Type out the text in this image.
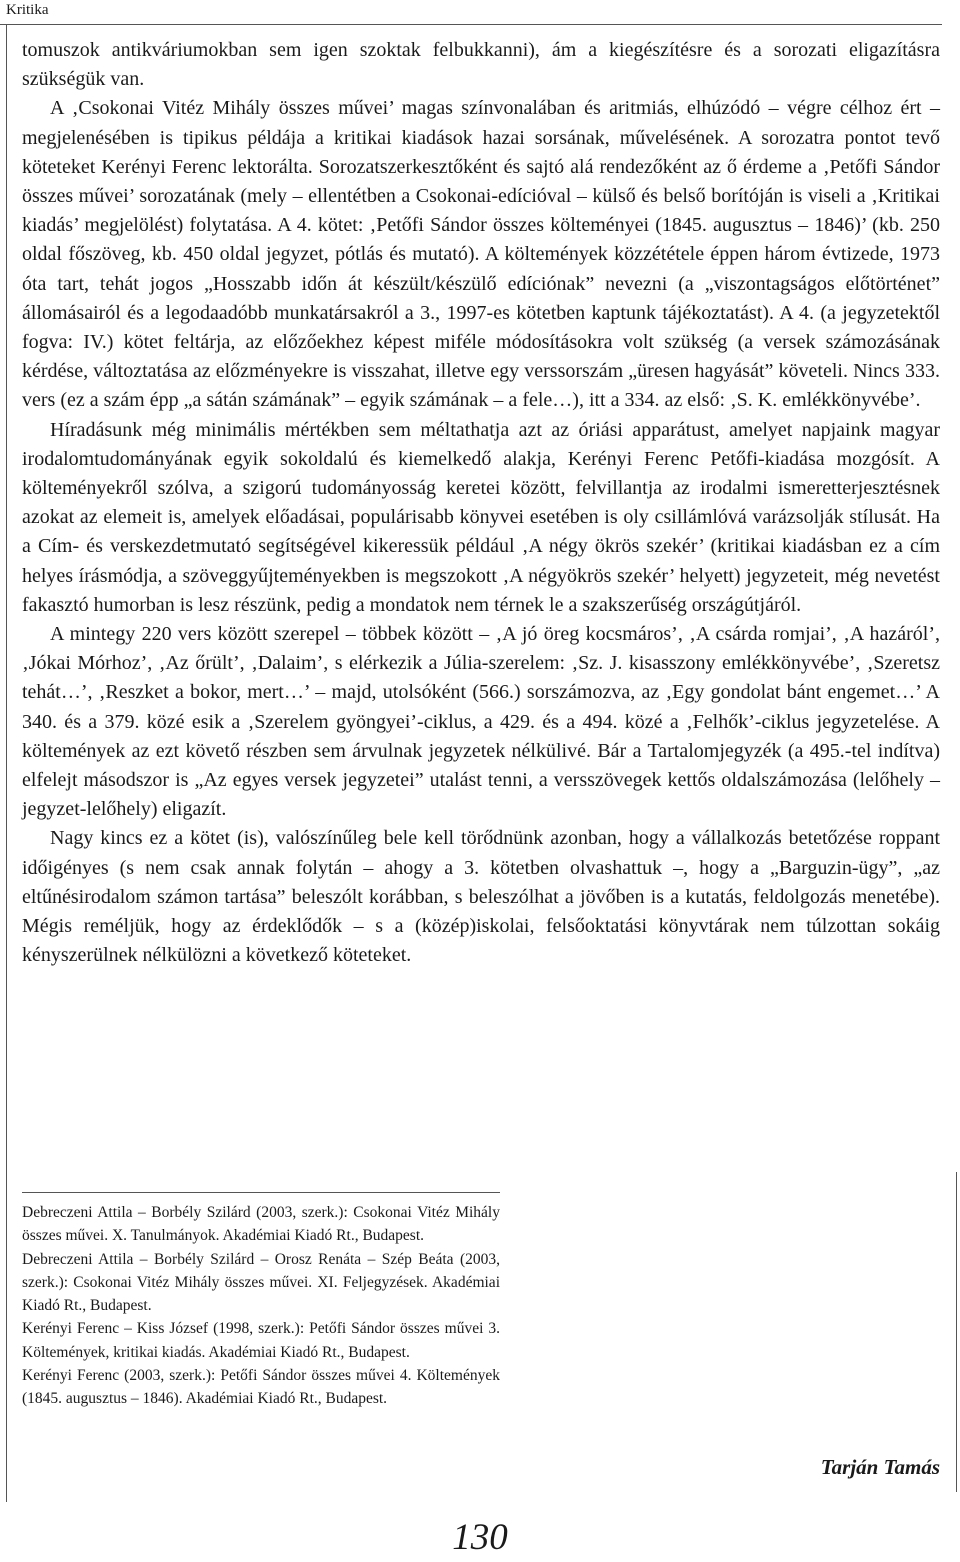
Kritika

tomuszok antikváriumokban sem igen szoktak felbukkanni), ám a kiegészítésre és a sorozati eligazításra szükségük van.

A ‚Csokonai Vitéz Mihály összes művei’ magas színvonalában és aritmiás, elhúzódó – végre célhoz ért – megjelenésében is tipikus példája a kritikai kiadások hazai sorsának, művelésének. A sorozatra pontot tevő köteteket Kerényi Ferenc lektorálta. Sorozatszerkesztőként és sajtó alá rendezőként az ő érdeme a ‚Petőfi Sándor összes művei’ sorozatának (mely – ellentétben a Csokonai-edícióval – külső és belső borítóján is viseli a ‚Kritikai kiadás’ megjelölést) folytatása. A 4. kötet: ‚Petőfi Sándor összes költeményei (1845. augusztus – 1846)’ (kb. 250 oldal főszöveg, kb. 450 oldal jegyzet, pótlás és mutató). A költemények közzététele éppen három évtizede, 1973 óta tart, tehát jogos „Hosszabb időn át készült/készülő edíciónak” nevezni (a „viszontagságos előtörténet” állomásairól és a legodaadóbb munkatársakról a 3., 1997-es kötetben kaptunk tájékoztatást). A 4. (a jegyzetektől fogva: IV.) kötet feltárja, az előzőekhez képest miféle módosításokra volt szükség (a versek számozásának kérdése, változtatása az előzményekre is visszahat, illetve egy verssorszám „üresen hagyását” követeli. Nincs 333. vers (ez a szám épp „a sátán számának” – egyik számának – a fele…), itt a 334. az első: ‚S. K. emlékkönyvébe’.

Híradásunk még minimális mértékben sem méltathatja azt az óriási apparátust, amelyet napjaink magyar irodalomtudományának egyik sokoldalú és kiemelkedő alakja, Kerényi Ferenc Petőfi-kiadása mozgósít. A költeményekről szólva, a szigorú tudományosság keretei között, felvillantja az irodalmi ismeretterjesztésnek azokat az elemeit is, amelyek előadásai, populárisabb könyvei esetében is oly csillámlóvá varázsolják stílusát. Ha a Cím- és verskezdetmutató segítségével kikeressük például ‚A négy ökrös szekér’ (kritikai kiadásban ez a cím helyes írásmódja, a szöveggyűjteményekben is megszokott ‚A négyökrös szekér’ helyett) jegyzeteit, még nevetést fakasztó humorban is lesz részünk, pedig a mondatok nem térnek le a szakszerűség országútjáról.

A mintegy 220 vers között szerepel – többek között – ‚A jó öreg kocsmáros’, ‚A csárda romjai’, ‚A hazáról’, ‚Jókai Mórhoz’, ‚Az őrült’, ‚Dalaim’, s elérkezik a Júlia-szerelem: ‚Sz. J. kisasszony emlékkönyvébe’, ‚Szeretsz tehát…’, ‚Reszket a bokor, mert…’ – majd, utolsóként (566.) sorszámozva, az ‚Egy gondolat bánt engemet…’ A 340. és a 379. közé esik a ‚Szerelem gyöngyei’-ciklus, a 429. és a 494. közé a ‚Felhők’-ciklus jegyzetelése. A költemények az ezt követő részben sem árvulnak jegyzetek nélkülivé. Bár a Tartalomjegyzék (a 495.-tel indítva) elfelejt másodszor is „Az egyes versek jegyzetei” utalást tenni, a versszövegek kettős oldalszámozása (lelőhely – jegyzet-lelőhely) eligazít.

Nagy kincs ez a kötet (is), valószínűleg bele kell törődnünk azonban, hogy a vállalkozás betetőzése roppant időigényes (s nem csak annak folytán – ahogy a 3. kötetben olvashattuk –, hogy a „Barguzin-ügy”, „az eltűnésirodalom számon tartása” beleszólt korábban, s beleszólhat a jövőben is a kutatás, feldolgozás menetébe). Mégis reméljük, hogy az érdeklődők – s a (közép)iskolai, felsőoktatási könyvtárak nem túlzottan sokáig kényszerülnek nélkülözni a következő köteteket.

Debreczeni Attila – Borbély Szilárd (2003, szerk.): Csokonai Vitéz Mihály összes művei. X. Tanulmányok. Akadémiai Kiadó Rt., Budapest.

Debreczeni Attila – Borbély Szilárd – Orosz Renáta – Szép Beáta (2003, szerk.): Csokonai Vitéz Mihály összes művei. XI. Feljegyzések. Akadémiai Kiadó Rt., Budapest.

Kerényi Ferenc – Kiss József (1998, szerk.): Petőfi Sándor összes művei 3. Költemények, kritikai kiadás. Akadémiai Kiadó Rt., Budapest.

Kerényi Ferenc (2003, szerk.): Petőfi Sándor összes művei 4. Költemények (1845. augusztus – 1846). Akadémiai Kiadó Rt., Budapest.

Tarján Tamás
130
